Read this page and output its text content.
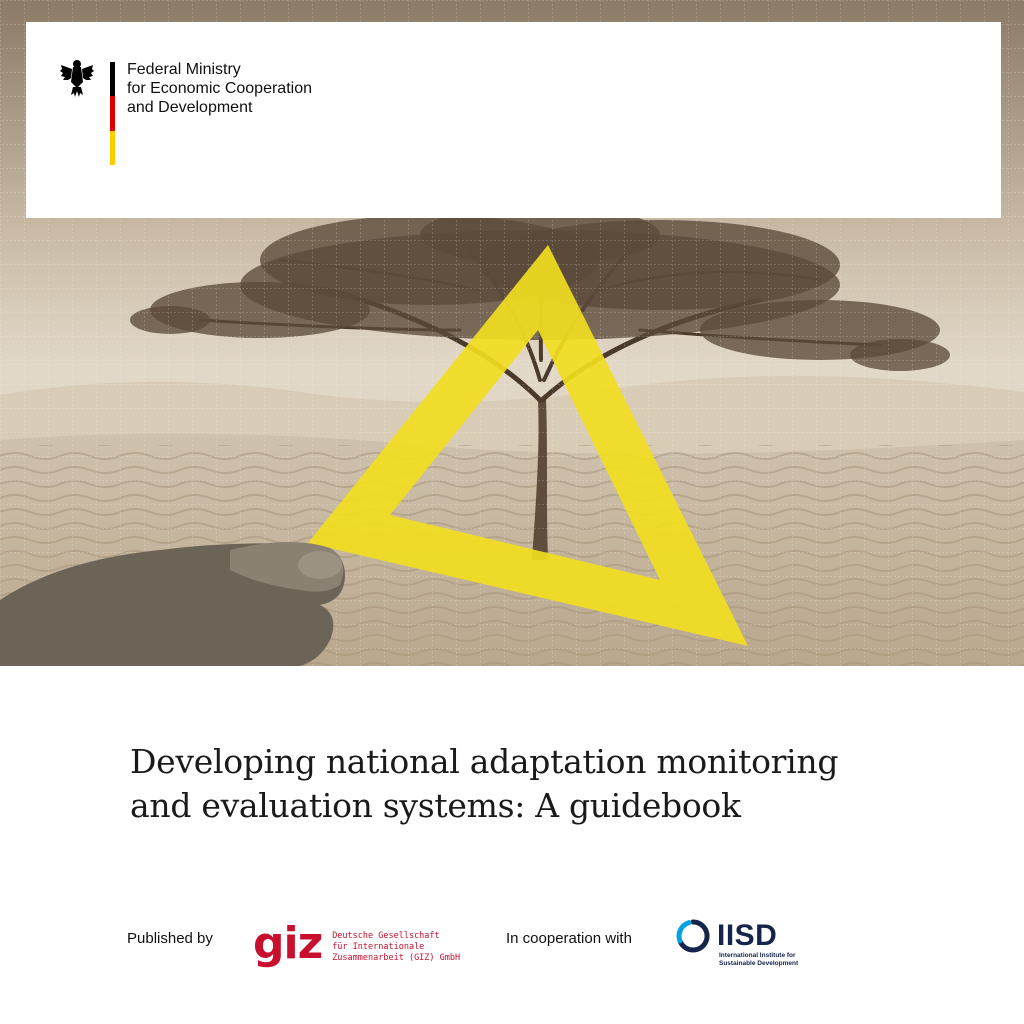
Federal Ministry
for Economic Cooperation
and Development
Developing national adaptation monitoring
and evaluation systems: A guidebook
Published by giz Deutsche Gesellschaft
für Internationale
Zusammenarbeit (GIZ) GmbH
In cooperation with	IISD
International Institute for
Sustainable Development
